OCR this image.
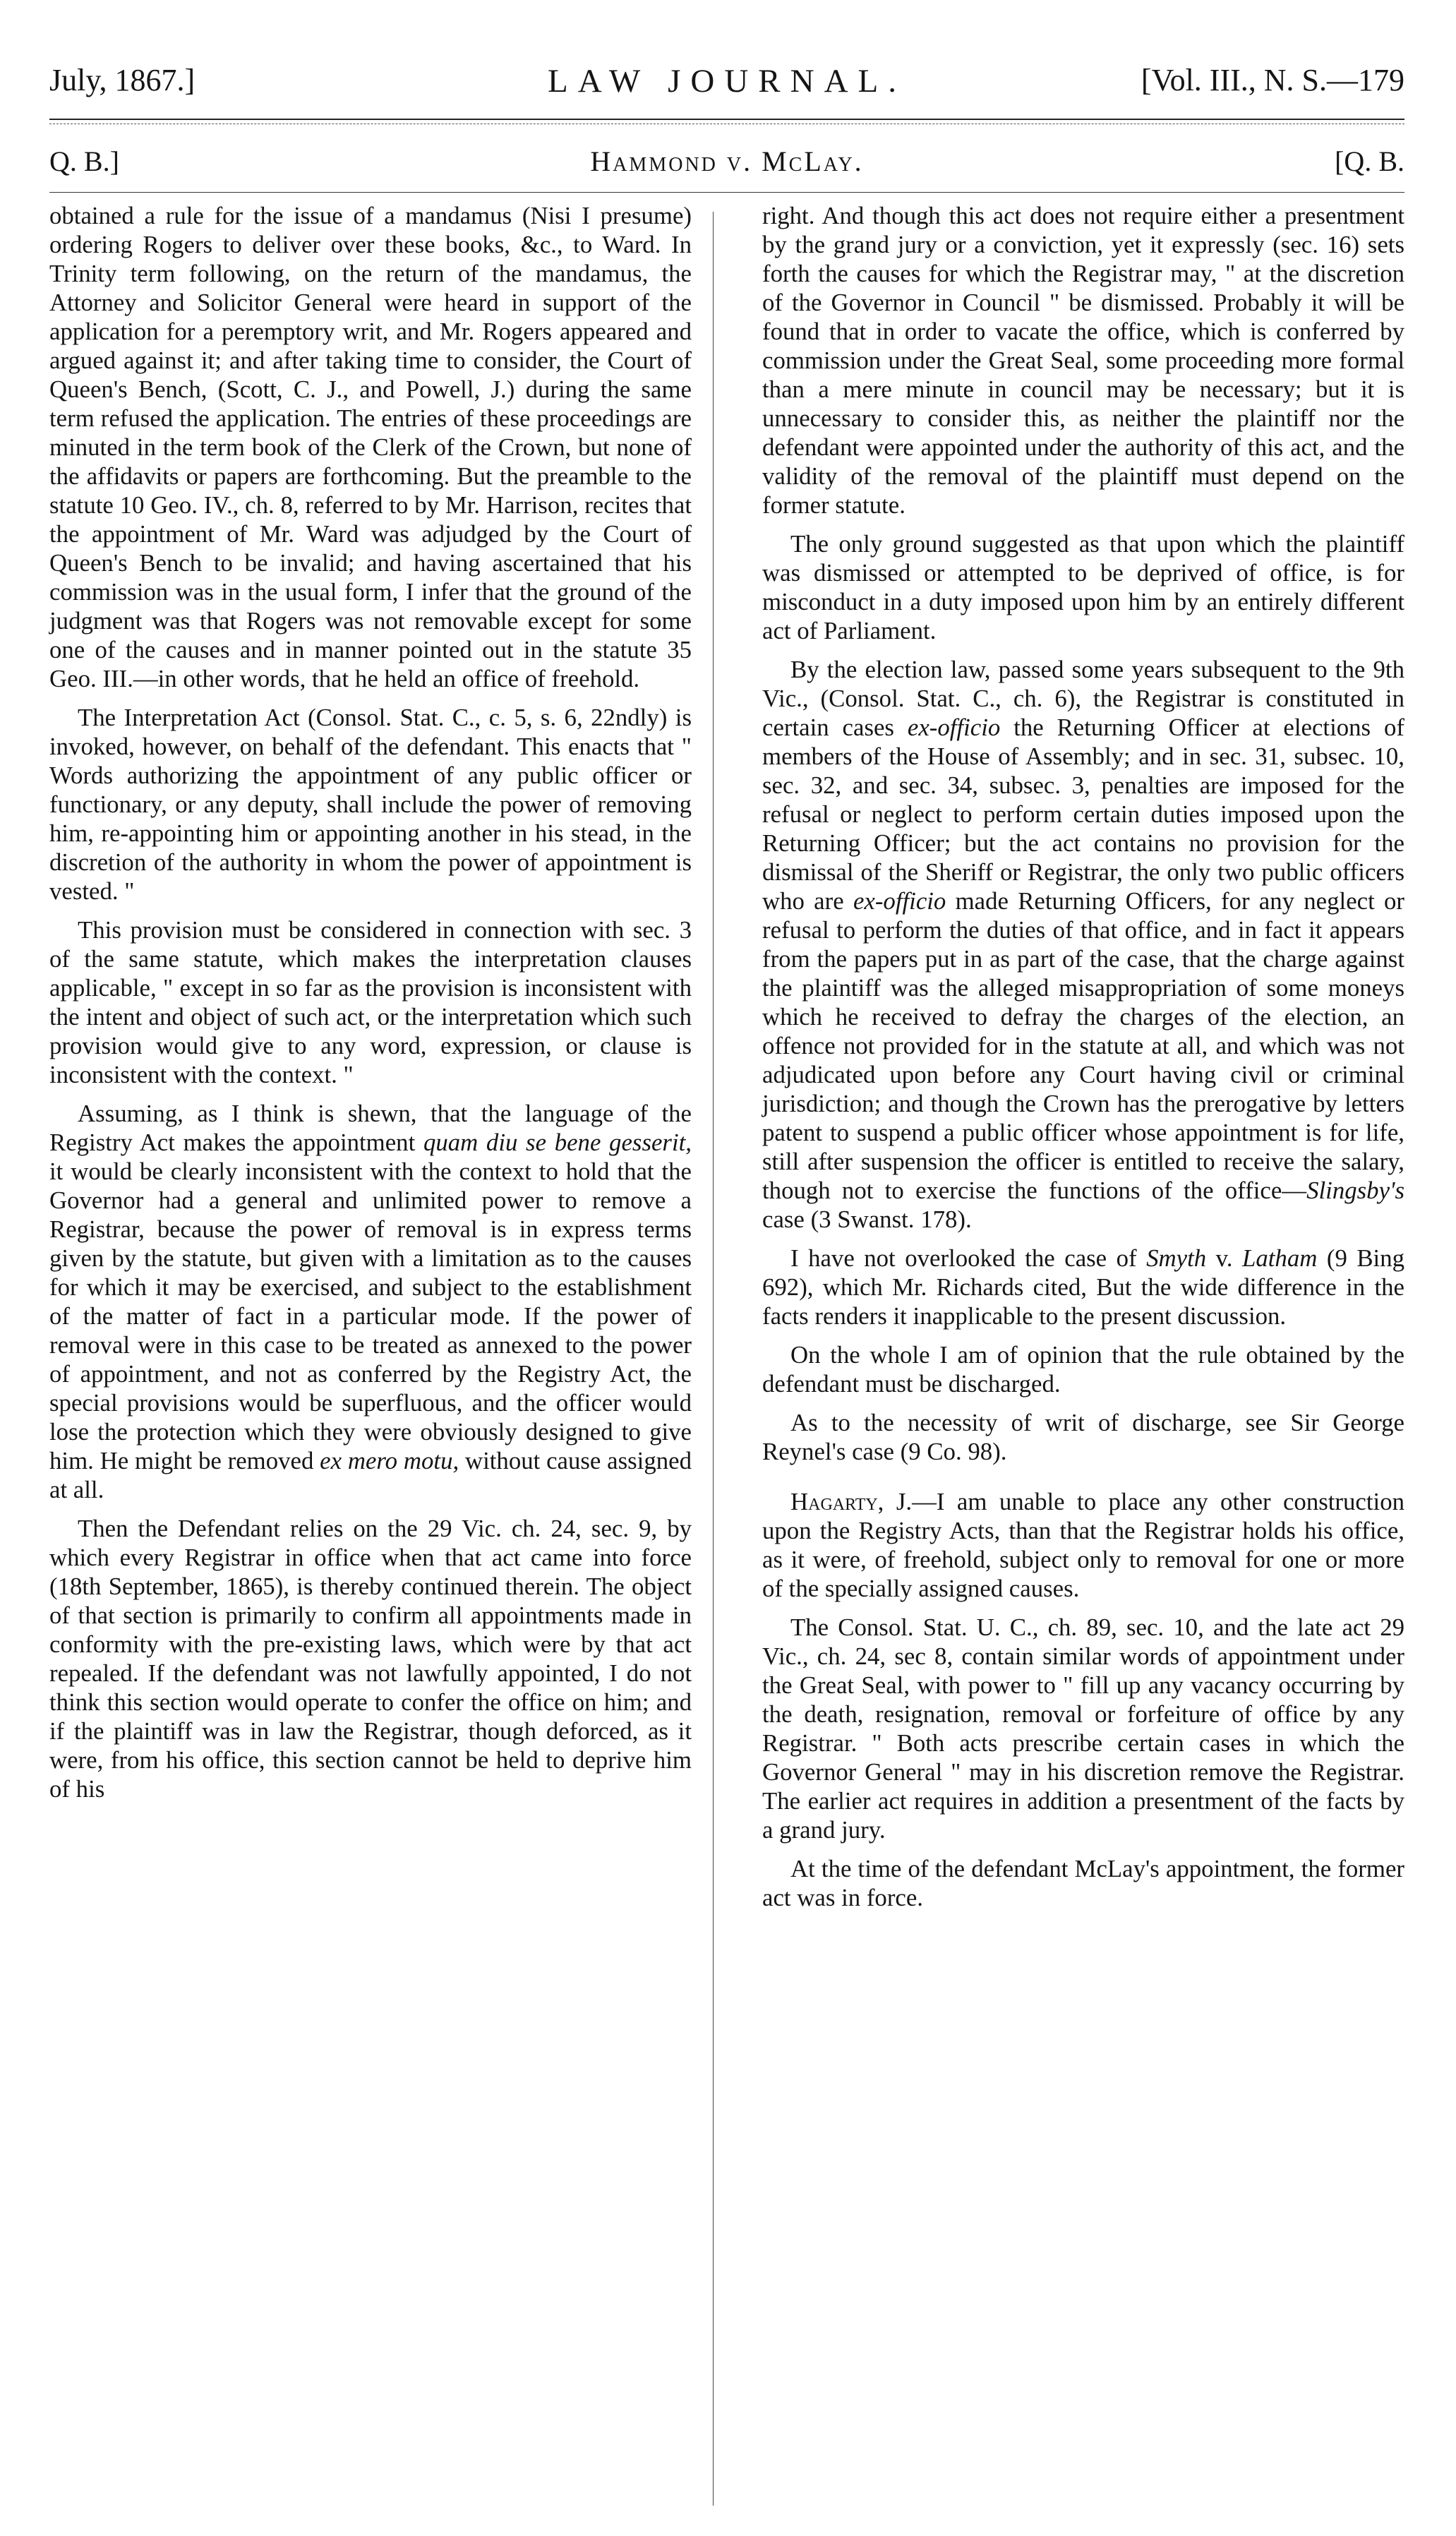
July, 1867.]	LAW JOURNAL.	[Vol. III., N. S.—179
Q. B.]	Hammond v. McLay.	[Q. B.

obtained a rule for the issue of a mandamus (Nisi I presume) ordering Rogers to deliver over these books, &c., to Ward. In Trinity term following, on the return of the mandamus, the Attorney and Solicitor General were heard in support of the application for a peremptory writ, and Mr. Rogers appeared and argued against it; and after taking time to consider, the Court of Queen's Bench, (Scott, C. J., and Powell, J.) during the same term refused the application. The entries of these proceedings are minuted in the term book of the Clerk of the Crown, but none of the affidavits or papers are forthcoming. But the preamble to the statute 10 Geo. IV., ch. 8, referred to by Mr. Harrison, recites that the appointment of Mr. Ward was adjudged by the Court of Queen's Bench to be invalid; and having ascertained that his commission was in the usual form, I infer that the ground of the judgment was that Rogers was not removable except for some one of the causes and in manner pointed out in the statute 35 Geo. III.—in other words, that he held an office of freehold.

The Interpretation Act (Consol. Stat. C., c. 5, s. 6, 22ndly) is invoked, however, on behalf of the defendant. This enacts that " Words authorizing the appointment of any public officer or functionary, or any deputy, shall include the power of removing him, re-appointing him or appointing another in his stead, in the discretion of the authority in whom the power of appointment is vested. "

This provision must be considered in connection with sec. 3 of the same statute, which makes the interpretation clauses applicable, " except in so far as the provision is inconsistent with the intent and object of such act, or the interpretation which such provision would give to any word, expression, or clause is inconsistent with the context. "

Assuming, as I think is shewn, that the language of the Registry Act makes the appointment quam diu se bene gesserit, it would be clearly inconsistent with the context to hold that the Governor had a general and unlimited power to remove a Registrar, because the power of removal is in express terms given by the statute, but given with a limitation as to the causes for which it may be exercised, and subject to the establishment of the matter of fact in a particular mode. If the power of removal were in this case to be treated as annexed to the power of appointment, and not as conferred by the Registry Act, the special provisions would be superfluous, and the officer would lose the protection which they were obviously designed to give him. He might be removed ex mero motu, without cause assigned at all.

Then the Defendant relies on the 29 Vic. ch. 24, sec. 9, by which every Registrar in office when that act came into force (18th September, 1865), is thereby continued therein. The object of that section is primarily to confirm all appointments made in conformity with the pre-existing laws, which were by that act repealed. If the defendant was not lawfully appointed, I do not think this section would operate to confer the office on him; and if the plaintiff was in law the Registrar, though deforced, as it were, from his office, this section cannot be held to deprive him of his

right. And though this act does not require either a presentment by the grand jury or a conviction, yet it expressly (sec. 16) sets forth the causes for which the Registrar may, " at the discretion of the Governor in Council " be dismissed. Probably it will be found that in order to vacate the office, which is conferred by commission under the Great Seal, some proceeding more formal than a mere minute in council may be necessary; but it is unnecessary to consider this, as neither the plaintiff nor the defendant were appointed under the authority of this act, and the validity of the removal of the plaintiff must depend on the former statute.

The only ground suggested as that upon which the plaintiff was dismissed or attempted to be deprived of office, is for misconduct in a duty imposed upon him by an entirely different act of Parliament.

By the election law, passed some years subsequent to the 9th Vic., (Consol. Stat. C., ch. 6), the Registrar is constituted in certain cases ex-officio the Returning Officer at elections of members of the House of Assembly; and in sec. 31, subsec. 10, sec. 32, and sec. 34, subsec. 3, penalties are imposed for the refusal or neglect to perform certain duties imposed upon the Returning Officer; but the act contains no provision for the dismissal of the Sheriff or Registrar, the only two public officers who are ex-officio made Returning Officers, for any neglect or refusal to perform the duties of that office, and in fact it appears from the papers put in as part of the case, that the charge against the plaintiff was the alleged misappropriation of some moneys which he received to defray the charges of the election, an offence not provided for in the statute at all, and which was not adjudicated upon before any Court having civil or criminal jurisdiction; and though the Crown has the prerogative by letters patent to suspend a public officer whose appointment is for life, still after suspension the officer is entitled to receive the salary, though not to exercise the functions of the office—Slingsby's case (3 Swanst. 178).

I have not overlooked the case of Smyth v. Latham (9 Bing 692), which Mr. Richards cited, But the wide difference in the facts renders it inapplicable to the present discussion.

On the whole I am of opinion that the rule obtained by the defendant must be discharged.

As to the necessity of writ of discharge, see Sir George Reynel's case (9 Co. 98).

Hagarty, J.—I am unable to place any other construction upon the Registry Acts, than that the Registrar holds his office, as it were, of freehold, subject only to removal for one or more of the specially assigned causes.

The Consol. Stat. U. C., ch. 89, sec. 10, and the late act 29 Vic., ch. 24, sec 8, contain similar words of appointment under the Great Seal, with power to " fill up any vacancy occurring by the death, resignation, removal or forfeiture of office by any Registrar. " Both acts prescribe certain cases in which the Governor General " may in his discretion remove the Registrar. The earlier act requires in addition a presentment of the facts by a grand jury.

At the time of the defendant McLay's appointment, the former act was in force.
